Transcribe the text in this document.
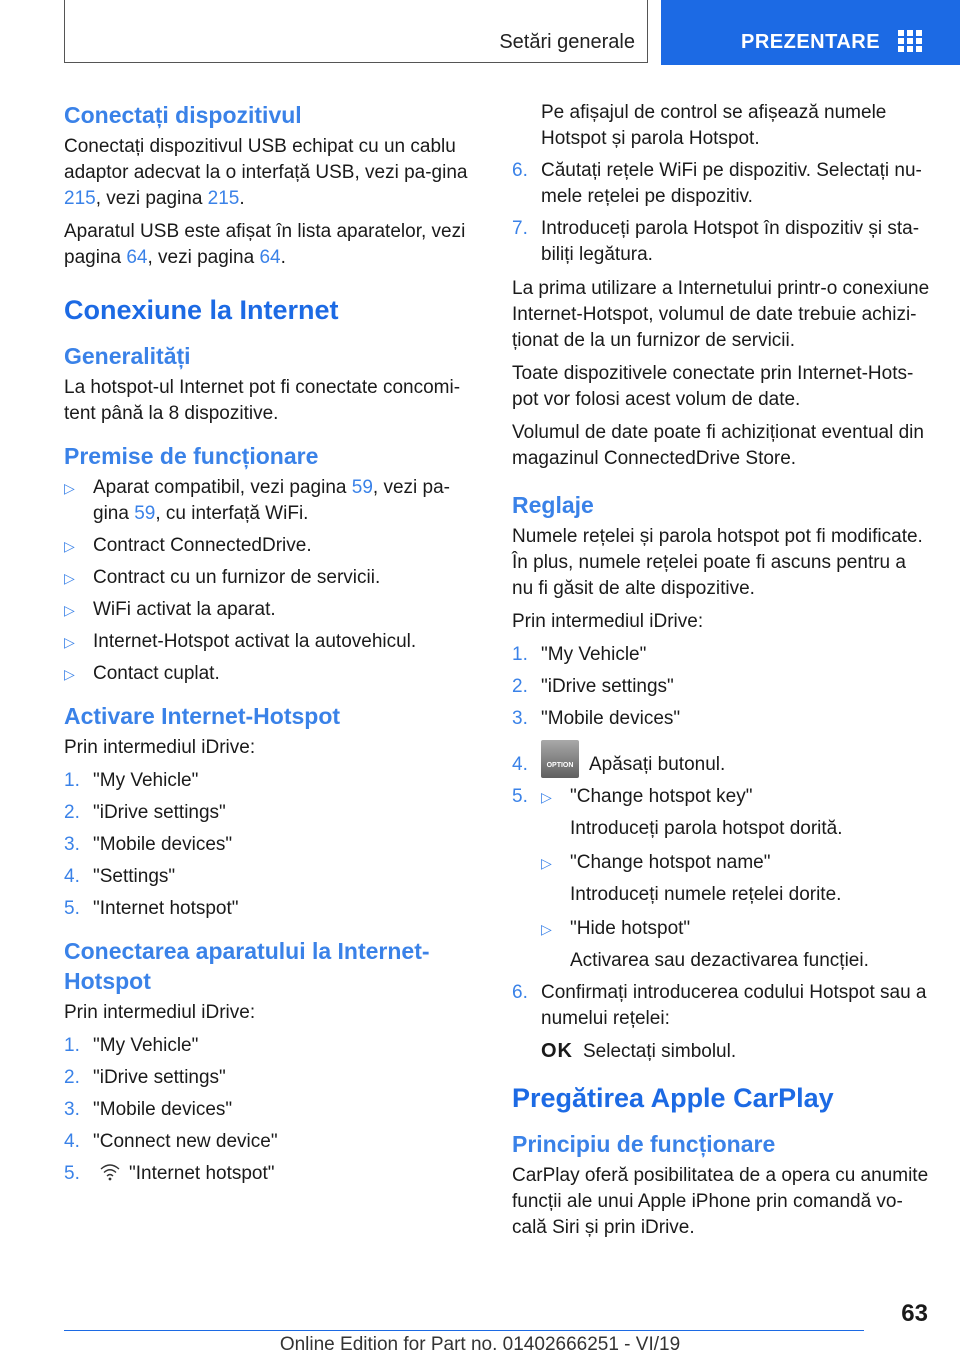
Setări generale	PREZENTARE
Conectați dispozitivul

Conectați dispozitivul USB echipat cu un cablu adaptor adecvat la o interfață USB, vezi pa-gina 215, vezi pagina 215.

Aparatul USB este afișat în lista aparatelor, vezi pagina 64, vezi pagina 64.

Conexiune la Internet
Generalități

La hotspot-ul Internet pot fi conectate concomi-tent până la 8 dispozitive.

Premise de funcționare
▷ Aparat compatibil, vezi pagina 59, vezi pa-gina 59, cu interfață WiFi.
▷ Contract ConnectedDrive.
▷ Contract cu un furnizor de servicii.
▷ WiFi activat la aparat.
▷ Internet-Hotspot activat la autovehicul.
▷ Contact cuplat.
Activare Internet-Hotspot

Prin intermediul iDrive:

1. "My Vehicle"
2. "iDrive settings"
3. "Mobile devices"
4. "Settings"
5. "Internet hotspot"
Conectarea aparatului la Internet-Hotspot

Prin intermediul iDrive:

1. "My Vehicle"
2. "iDrive settings"
3. "Mobile devices"
4. "Connect new device"
5.	"Internet hotspot"
Pe afișajul de control se afișează numele Hotspot și parola Hotspot.
6. Căutați rețele WiFi pe dispozitiv. Selectați nu-mele rețelei pe dispozitiv.
7. Introduceți parola Hotspot în dispozitiv și sta-biliți legătura.

La prima utilizare a Internetului printr-o conexiune Internet-Hotspot, volumul de date trebuie achizi-ționat de la un furnizor de servicii.

Toate dispozitivele conectate prin Internet-Hots-pot vor folosi acest volum de date.

Volumul de date poate fi achiziționat eventual din magazinul ConnectedDrive Store.

Reglaje

Numele rețelei și parola hotspot pot fi modificate. În plus, numele rețelei poate fi ascuns pentru a nu fi găsit de alte dispozitive.

Prin intermediul iDrive:

1. "My Vehicle"
2. "iDrive settings"
3. "Mobile devices"
4.	OPTION Apăsați butonul.
5. ▷ "Change hotspot key"
Introduceți parola hotspot dorită.
▷ "Change hotspot name"
Introduceți numele rețelei dorite.
▷ "Hide hotspot"
Activarea sau dezactivarea funcției.
6. Confirmați introducerea codului Hotspot sau a numelui rețelei:
OK Selectați simbolul.
Pregătirea Apple CarPlay
Principiu de funcționare

CarPlay oferă posibilitatea de a opera cu anumite funcții ale unui Apple iPhone prin comandă vo-cală Siri și prin iDrive.

63
Online Edition for Part no. 01402666251 - VI/19
